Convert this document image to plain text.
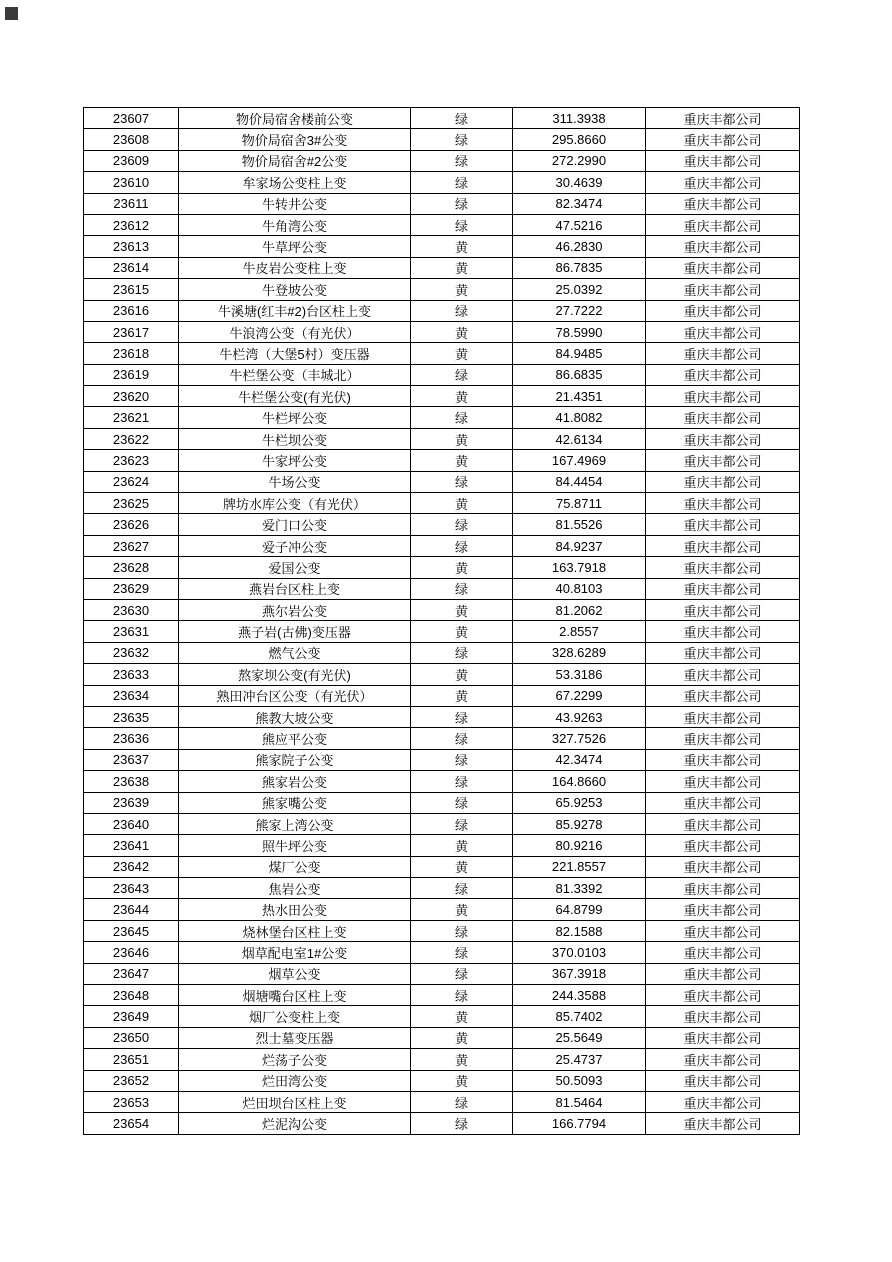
23607	物价局宿舍楼前公变	绿	311.3938	重庆丰都公司
23608	物价局宿舍3#公变	绿	295.8660	重庆丰都公司
23609	物价局宿舍#2公变	绿	272.2990	重庆丰都公司
23610	牟家场公变柱上变	绿	30.4639	重庆丰都公司
23611	牛转井公变	绿	82.3474	重庆丰都公司
23612	牛角湾公变	绿	47.5216	重庆丰都公司
23613	牛草坪公变	黄	46.2830	重庆丰都公司
23614	牛皮岩公变柱上变	黄	86.7835	重庆丰都公司
23615	牛登坡公变	黄	25.0392	重庆丰都公司
23616	牛溪塘(红丰#2)台区柱上变	绿	27.7222	重庆丰都公司
23617	牛浪湾公变（有光伏）	黄	78.5990	重庆丰都公司
23618	牛栏湾（大堡5村）变压器	黄	84.9485	重庆丰都公司
23619	牛栏堡公变（丰城北）	绿	86.6835	重庆丰都公司
23620	牛栏堡公变(有光伏)	黄	21.4351	重庆丰都公司
23621	牛栏坪公变	绿	41.8082	重庆丰都公司
23622	牛栏坝公变	黄	42.6134	重庆丰都公司
23623	牛家坪公变	黄	167.4969	重庆丰都公司
23624	牛场公变	绿	84.4454	重庆丰都公司
23625	牌坊水库公变（有光伏）	黄	75.8711	重庆丰都公司
23626	爱门口公变	绿	81.5526	重庆丰都公司
23627	爱子冲公变	绿	84.9237	重庆丰都公司
23628	爱国公变	黄	163.7918	重庆丰都公司
23629	燕岩台区柱上变	绿	40.8103	重庆丰都公司
23630	燕尔岩公变	黄	81.2062	重庆丰都公司
23631	燕子岩(古佛)变压器	黄	2.8557	重庆丰都公司
23632	燃气公变	绿	328.6289	重庆丰都公司
23633	熬家坝公变(有光伏)	黄	53.3186	重庆丰都公司
23634	熟田冲台区公变（有光伏）	黄	67.2299	重庆丰都公司
23635	熊教大坡公变	绿	43.9263	重庆丰都公司
23636	熊应平公变	绿	327.7526	重庆丰都公司
23637	熊家院子公变	绿	42.3474	重庆丰都公司
23638	熊家岩公变	绿	164.8660	重庆丰都公司
23639	熊家嘴公变	绿	65.9253	重庆丰都公司
23640	熊家上湾公变	绿	85.9278	重庆丰都公司
23641	照牛坪公变	黄	80.9216	重庆丰都公司
23642	煤厂公变	黄	221.8557	重庆丰都公司
23643	焦岩公变	绿	81.3392	重庆丰都公司
23644	热水田公变	黄	64.8799	重庆丰都公司
23645	烧林堡台区柱上变	绿	82.1588	重庆丰都公司
23646	烟草配电室1#公变	绿	370.0103	重庆丰都公司
23647	烟草公变	绿	367.3918	重庆丰都公司
23648	烟塘嘴台区柱上变	绿	244.3588	重庆丰都公司
23649	烟厂公变柱上变	黄	85.7402	重庆丰都公司
23650	烈士墓变压器	黄	25.5649	重庆丰都公司
23651	烂荡子公变	黄	25.4737	重庆丰都公司
23652	烂田湾公变	黄	50.5093	重庆丰都公司
23653	烂田坝台区柱上变	绿	81.5464	重庆丰都公司
23654	烂泥沟公变	绿	166.7794	重庆丰都公司
